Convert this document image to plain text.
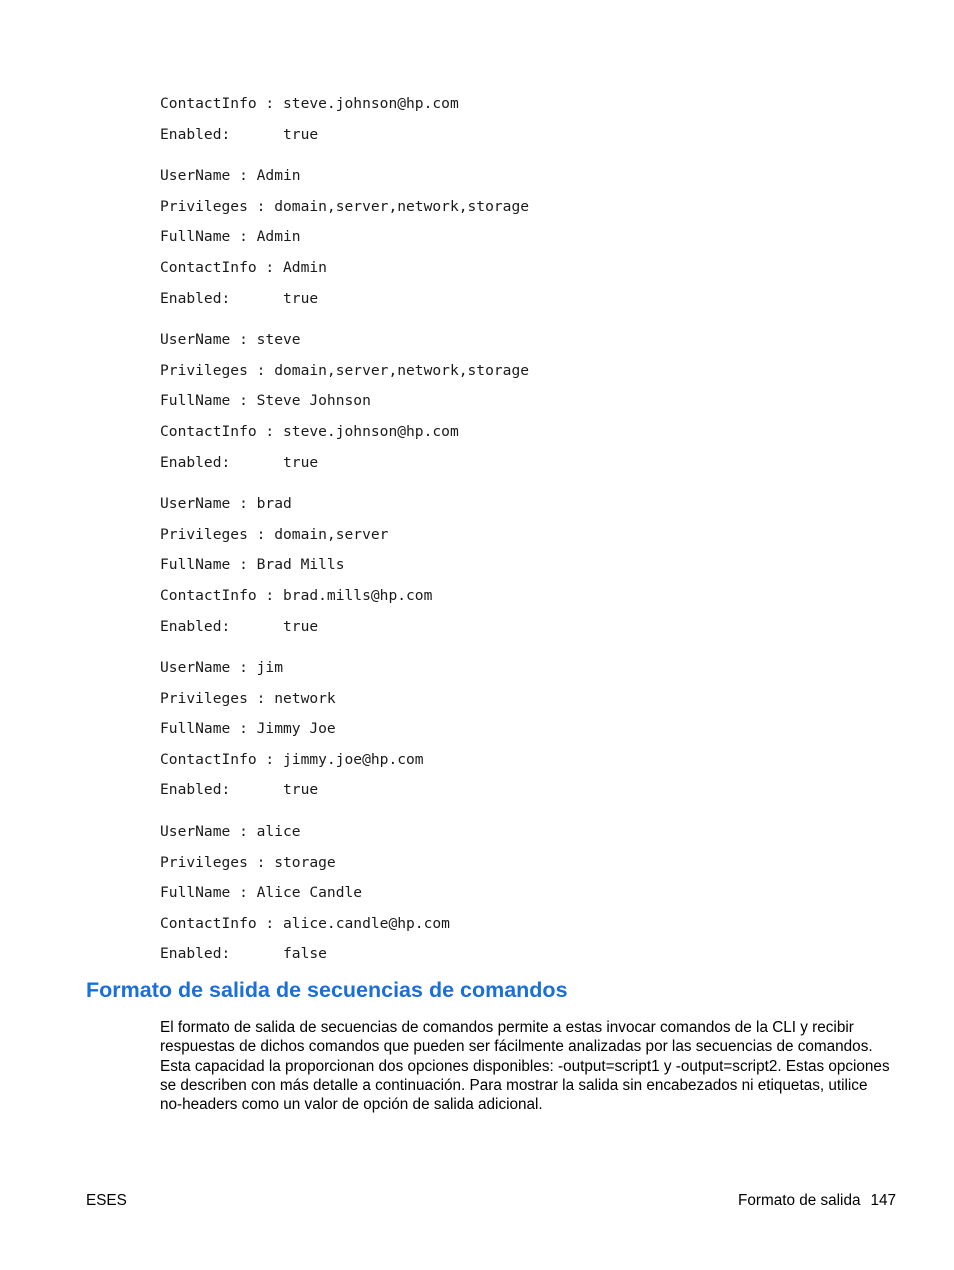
ContactInfo : steve.johnson@hp.com
Enabled:      true
UserName : Admin
Privileges : domain,server,network,storage
FullName : Admin
ContactInfo : Admin
Enabled:      true
UserName : steve
Privileges : domain,server,network,storage
FullName : Steve Johnson
ContactInfo : steve.johnson@hp.com
Enabled:      true
UserName : brad
Privileges : domain,server
FullName : Brad Mills
ContactInfo : brad.mills@hp.com
Enabled:      true
UserName : jim
Privileges : network
FullName : Jimmy Joe
ContactInfo : jimmy.joe@hp.com
Enabled:      true
UserName : alice
Privileges : storage
FullName : Alice Candle
ContactInfo : alice.candle@hp.com
Enabled:      false
Formato de salida de secuencias de comandos

El formato de salida de secuencias de comandos permite a estas invocar comandos de la CLI y recibir respuestas de dichos comandos que pueden ser fácilmente analizadas por las secuencias de comandos. Esta capacidad la proporcionan dos opciones disponibles: -output=script1 y -output=script2. Estas opciones se describen con más detalle a continuación. Para mostrar la salida sin encabezados ni etiquetas, utilice no-headers como un valor de opción de salida adicional.

ESES	Formato de salida 147
